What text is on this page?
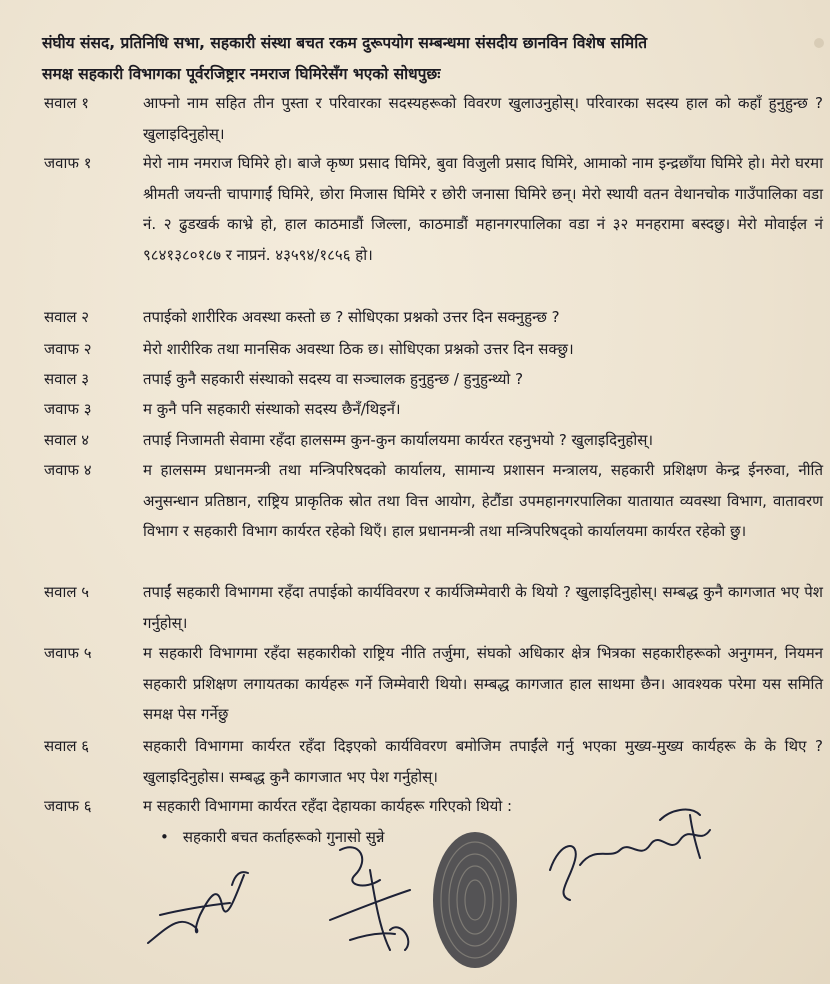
संघीय संसद, प्रतिनिधि सभा, सहकारी संस्था बचत रकम दुरूपयोग सम्बन्धमा संसदीय छानविन विशेष समिति
समक्ष सहकारी विभागका पूर्वरजिष्ट्रार नमराज घिमिरेसँग भएको सोधपुछः
सवाल १	आफ्नो नाम सहित तीन पुस्ता र परिवारका सदस्यहरूको विवरण खुलाउनुहोस्। परिवारका सदस्य हाल को कहाँ हुनुहुन्छ ? खुलाइदिनुहोस्।
जवाफ १	मेरो नाम नमराज घिमिरे हो। बाजे कृष्ण प्रसाद घिमिरे, बुवा विजुली प्रसाद घिमिरे, आमाको नाम इन्द्रछाँया घिमिरे हो। मेरो घरमा श्रीमती जयन्ती चापागाईं घिमिरे, छोरा मिजास घिमिरे र छोरी जनासा घिमिरे छन्। मेरो स्थायी वतन वेथानचोक गाउँपालिका वडा नं. २ ढुडखर्क काभ्रे हो, हाल काठमाडौं जिल्ला, काठमाडौं महानगरपालिका वडा नं ३२ मनहरामा बस्दछु। मेरो मोवाईल नं ९८४१३८०१८७ र नाप्रनं. ४३५९४/१८५६ हो।
सवाल २	तपाईको शारीरिक अवस्था कस्तो छ ? सोधिएका प्रश्नको उत्तर दिन सक्नुहुन्छ ?
जवाफ २	मेरो शारीरिक तथा मानसिक अवस्था ठिक छ। सोधिएका प्रश्नको उत्तर दिन सक्छु।
सवाल ३	तपाई कुनै सहकारी संस्थाको सदस्य वा सञ्चालक हुनुहुन्छ / हुनुहुन्थ्यो ?
जवाफ ३	म कुनै पनि सहकारी संस्थाको सदस्य छैनँ/थिइनँ।
सवाल ४	तपाई निजामती सेवामा रहँदा हालसम्म कुन-कुन कार्यालयमा कार्यरत रहनुभयो ? खुलाइदिनुहोस्।
जवाफ ४	म हालसम्म प्रधानमन्त्री तथा मन्त्रिपरिषदको कार्यालय, सामान्य प्रशासन मन्त्रालय, सहकारी प्रशिक्षण केन्द्र ईनरुवा, नीति अनुसन्धान प्रतिष्ठान, राष्ट्रिय प्राकृतिक स्रोत तथा वित्त आयोग, हेटौंडा उपमहानगरपालिका यातायात व्यवस्था विभाग, वातावरण विभाग र सहकारी विभाग कार्यरत रहेको थिएँ। हाल प्रधानमन्त्री तथा मन्त्रिपरिषद्को कार्यालयमा कार्यरत रहेको छु।
सवाल ५	तपाईं सहकारी विभागमा रहँदा तपाईको कार्यविवरण र कार्यजिम्मेवारी के थियो ? खुलाइदिनुहोस्। सम्बद्ध कुनै कागजात भए पेश गर्नुहोस्।
जवाफ ५	म सहकारी विभागमा रहँदा सहकारीको राष्ट्रिय नीति तर्जुमा, संघको अधिकार क्षेत्र भित्रका सहकारीहरूको अनुगमन, नियमन सहकारी प्रशिक्षण लगायतका कार्यहरू गर्ने जिम्मेवारी थियो। सम्बद्ध कागजात हाल साथमा छैन। आवश्यक परेमा यस समिति समक्ष पेस गर्नेछु
सवाल ६	सहकारी विभागमा कार्यरत रहँदा दिइएको कार्यविवरण बमोजिम तपाईंले गर्नु भएका मुख्य-मुख्य कार्यहरू के के थिए ? खुलाइदिनुहोस। सम्बद्ध कुनै कागजात भए पेश गर्नुहोस्।
जवाफ ६	म सहकारी विभागमा कार्यरत रहँदा देहायका कार्यहरू गरिएको थियो :
• सहकारी बचत कर्ताहरूको गुनासो सुन्ने
